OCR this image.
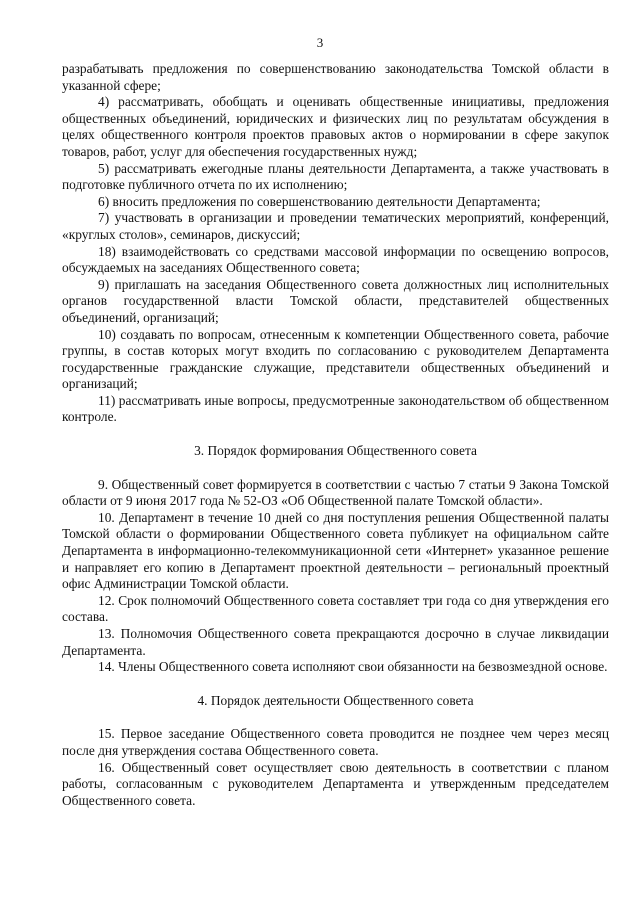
3

разрабатывать предложения по совершенствованию законодательства Томской области в указанной сфере;

4) рассматривать, обобщать и оценивать общественные инициативы, предложения общественных объединений, юридических и физических лиц по результатам обсуждения в целях общественного контроля проектов правовых актов о нормировании в сфере закупок товаров, работ, услуг для обеспечения государственных нужд;

5) рассматривать ежегодные планы деятельности Департамента, а также участвовать в подготовке публичного отчета по их исполнению;

6) вносить предложения по совершенствованию деятельности Департамента;

7) участвовать в организации и проведении тематических мероприятий, конференций, «круглых столов», семинаров, дискуссий;

18) взаимодействовать со средствами массовой информации по освещению вопросов, обсуждаемых на заседаниях Общественного совета;

9) приглашать на заседания Общественного совета должностных лиц исполнительных органов государственной власти Томской области, представителей общественных объединений, организаций;

10) создавать по вопросам, отнесенным к компетенции Общественного совета, рабочие группы, в состав которых могут входить по согласованию с руководителем Департамента государственные гражданские служащие, представители общественных объединений и организаций;

11) рассматривать иные вопросы, предусмотренные законодательством об общественном контроле.

3. Порядок формирования Общественного совета

9. Общественный совет формируется в соответствии с частью 7 статьи 9 Закона Томской области от 9 июня 2017 года № 52-ОЗ «Об Общественной палате Томской области».

10. Департамент в течение 10 дней со дня поступления решения Общественной палаты Томской области о формировании Общественного совета публикует на официальном сайте Департамента в информационно-телекоммуникационной сети «Интернет» указанное решение и направляет его копию в Департамент проектной деятельности – региональный проектный офис Администрации Томской области.

12. Срок полномочий Общественного совета составляет три года со дня утверждения его состава.

13. Полномочия Общественного совета прекращаются досрочно в случае ликвидации Департамента.

14. Члены Общественного совета исполняют свои обязанности на безвозмездной основе.

4. Порядок деятельности Общественного совета

15. Первое заседание Общественного совета проводится не позднее чем через месяц после дня утверждения состава Общественного совета.

16. Общественный совет осуществляет свою деятельность в соответствии с планом работы, согласованным с руководителем Департамента и утвержденным председателем Общественного совета.
